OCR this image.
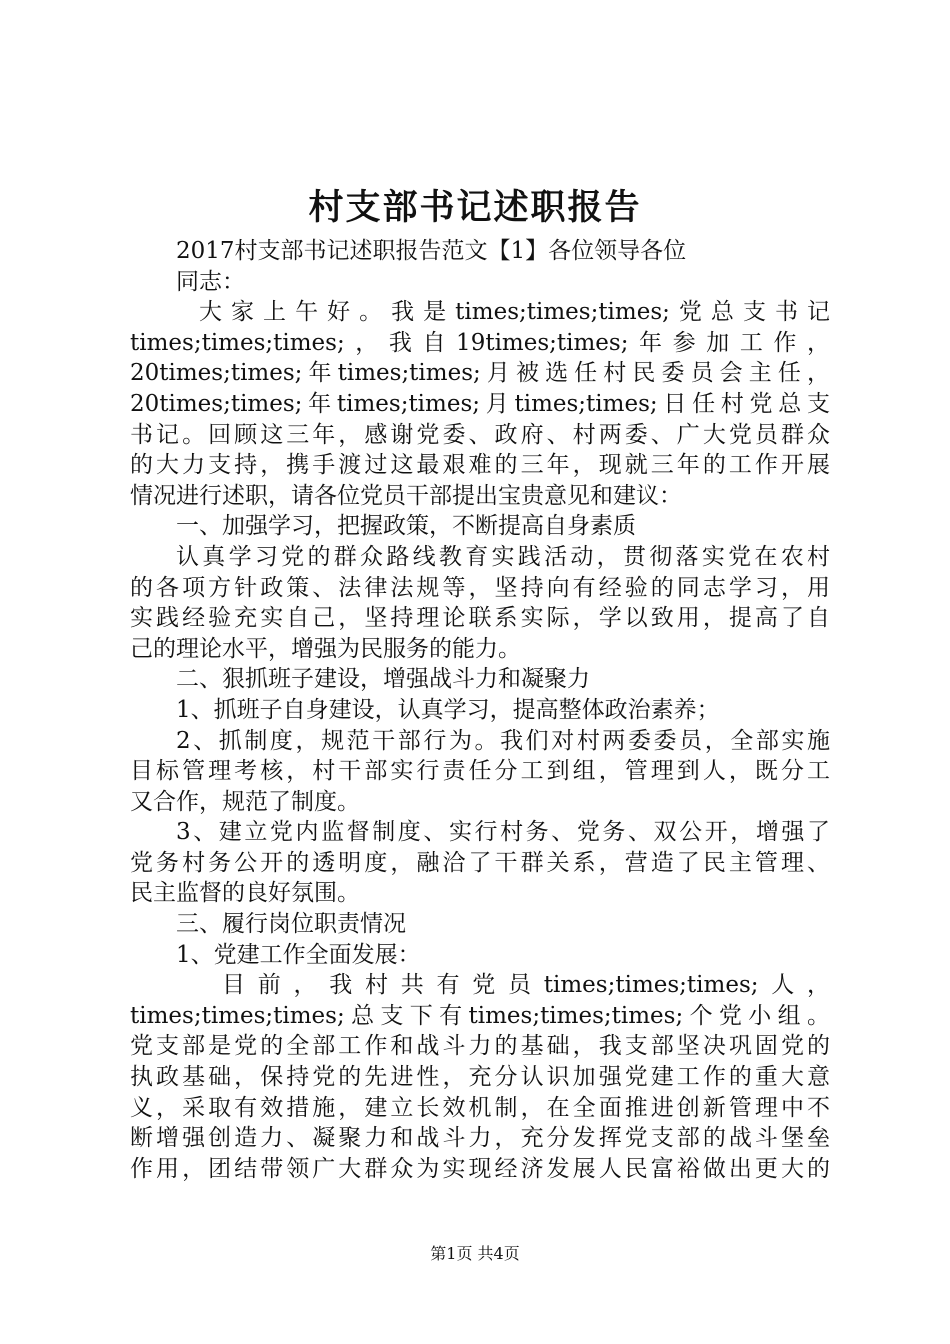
村支部书记述职报告

2017村支部书记述职报告范文【1】各位领导各位

同志：

大家上午好。我是times;times;times;党总支书记

times;times;times;，我自19times;times;年参加工作，

20times;times;年times;times;月被选任村民委员会主任，

20times;times;年times;times;月times;times;日任村党总支

书记。回顾这三年，感谢党委、政府、村两委、广大党员群众

的大力支持，携手渡过这最艰难的三年，现就三年的工作开展

情况进行述职，请各位党员干部提出宝贵意见和建议：

一、加强学习，把握政策，不断提高自身素质

认真学习党的群众路线教育实践活动，贯彻落实党在农村

的各项方针政策、法律法规等，坚持向有经验的同志学习，用

实践经验充实自己，坚持理论联系实际，学以致用，提高了自

己的理论水平，增强为民服务的能力。

二、狠抓班子建设，增强战斗力和凝聚力

1、抓班子自身建设，认真学习，提高整体政治素养；

2、抓制度，规范干部行为。我们对村两委委员，全部实施

目标管理考核，村干部实行责任分工到组，管理到人，既分工

又合作，规范了制度。

3、建立党内监督制度、实行村务、党务、双公开，增强了

党务村务公开的透明度，融洽了干群关系，营造了民主管理、

民主监督的良好氛围。

三、履行岗位职责情况

1、党建工作全面发展：

目前，我村共有党员times;times;times;人，

times;times;times;总支下有times;times;times;个党小组。

党支部是党的全部工作和战斗力的基础，我支部坚决巩固党的

执政基础，保持党的先进性，充分认识加强党建工作的重大意

义，采取有效措施，建立长效机制，在全面推进创新管理中不

断增强创造力、凝聚力和战斗力，充分发挥党支部的战斗堡垒

作用，团结带领广大群众为实现经济发展人民富裕做出更大的

第1页 共4页
